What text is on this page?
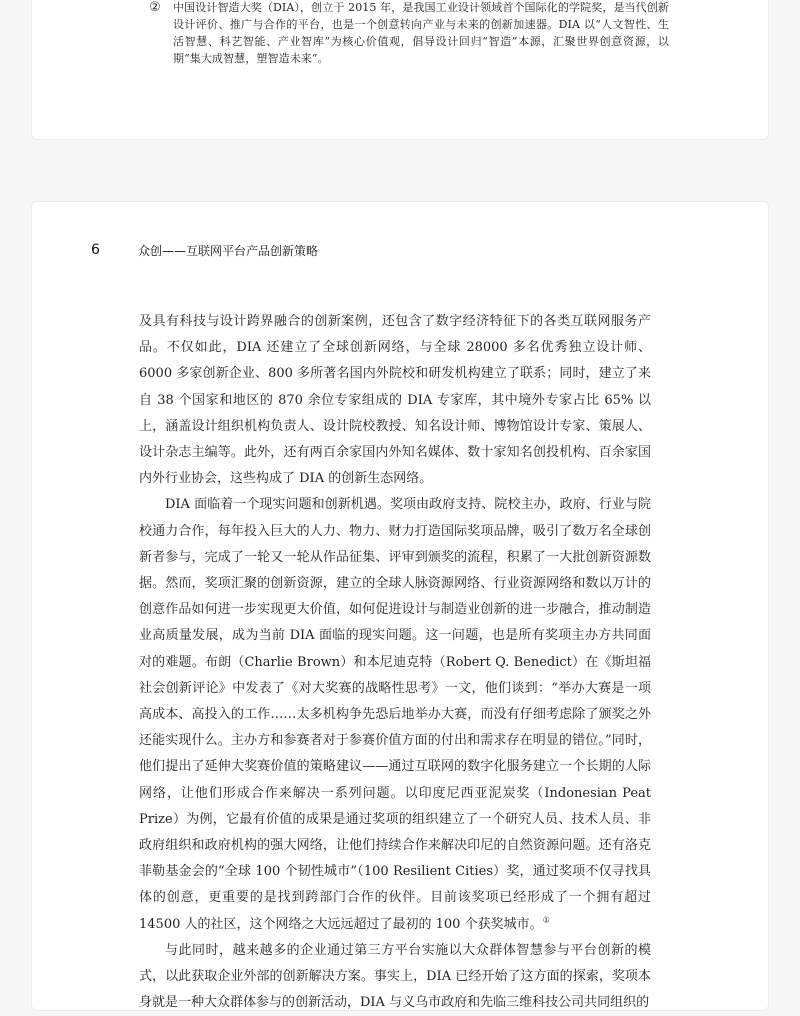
②	中国设计智造大奖（DIA），创立于 2015 年，是我国工业设计领域首个国际化的学院奖，是当代创新设计评价、推广与合作的平台，也是一个创意转向产业与未来的创新加速器。DIA 以“人文智性、生活智慧、科艺智能、产业智库”为核心价值观，倡导设计回归“智造”本源，汇聚世界创意资源，以期“集大成智慧，塑智造未来”。
6	众创——互联网平台产品创新策略

及具有科技与设计跨界融合的创新案例，还包含了数字经济特征下的各类互联网服务产品。不仅如此，DIA 还建立了全球创新网络，与全球 28000 多名优秀独立设计师、6000 多家创新企业、800 多所著名国内外院校和研发机构建立了联系；同时，建立了来自 38 个国家和地区的 870 余位专家组成的 DIA 专家库，其中境外专家占比 65% 以上，涵盖设计组织机构负责人、设计院校教授、知名设计师、博物馆设计专家、策展人、设计杂志主编等。此外，还有两百余家国内外知名媒体、数十家知名创投机构、百余家国内外行业协会，这些构成了 DIA 的创新生态网络。

DIA 面临着一个现实问题和创新机遇。奖项由政府支持、院校主办，政府、行业与院校通力合作，每年投入巨大的人力、物力、财力打造国际奖项品牌，吸引了数万名全球创新者参与，完成了一轮又一轮从作品征集、评审到颁奖的流程，积累了一大批创新资源数据。然而，奖项汇聚的创新资源，建立的全球人脉资源网络、行业资源网络和数以万计的创意作品如何进一步实现更大价值，如何促进设计与制造业创新的进一步融合，推动制造业高质量发展，成为当前 DIA 面临的现实问题。这一问题，也是所有奖项主办方共同面对的难题。布朗（Charlie Brown）和本尼迪克特（Robert Q. Benedict）在《斯坦福社会创新评论》中发表了《对大奖赛的战略性思考》一文，他们谈到：“举办大赛是一项高成本、高投入的工作……太多机构争先恐后地举办大赛，而没有仔细考虑除了颁奖之外还能实现什么。主办方和参赛者对于参赛价值方面的付出和需求存在明显的错位。”同时，他们提出了延伸大奖赛价值的策略建议——通过互联网的数字化服务建立一个长期的人际网络，让他们形成合作来解决一系列问题。以印度尼西亚泥炭奖（Indonesian Peat Prize）为例，它最有价值的成果是通过奖项的组织建立了一个研究人员、技术人员、非政府组织和政府机构的强大网络，让他们持续合作来解决印尼的自然资源问题。还有洛克菲勒基金会的“全球 100 个韧性城市”（100 Resilient Cities）奖，通过奖项不仅寻找具体的创意，更重要的是找到跨部门合作的伙伴。目前该奖项已经形成了一个拥有超过 14500 人的社区，这个网络之大远远超过了最初的 100 个获奖城市。①

与此同时，越来越多的企业通过第三方平台实施以大众群体智慧参与平台创新的模式，以此获取企业外部的创新解决方案。事实上，DIA 已经开始了这方面的探索，奖项本身就是一种大众群体参与的创新活动，DIA 与义乌市政府和先临三维科技公司共同组织的
